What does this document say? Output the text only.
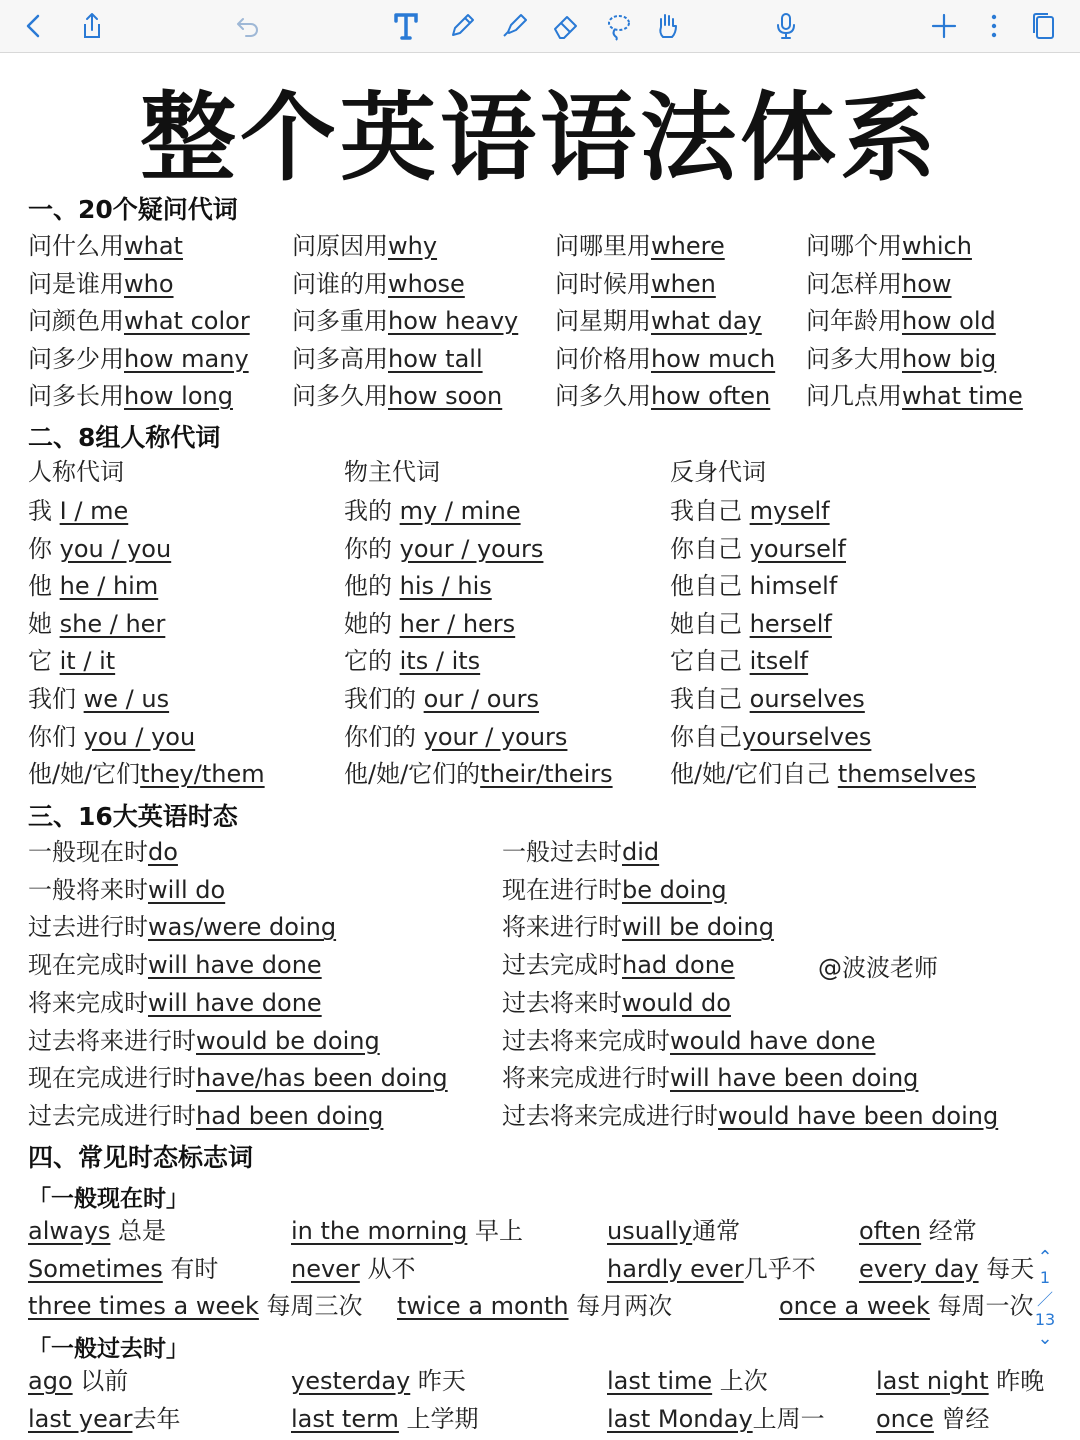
整个英语语法体系
一、20个疑问代词
二、8组人称代词
三、16大英语时态
四、常见时态标志词
人称代词	物主代词	反身代词
@波波老师
「一般现在时」
「一般过去时」
问什么用what	问原因用why	问哪里用where	问哪个用which
问是谁用who	问谁的用whose	问时候用when	问怎样用how
问颜色用what color 问多重用how heavy 问星期用what day 问年龄用how old
问多少用how many 问多高用how tall	问价格用how much 问多大用how big
问多长用how long 问多久用how soon 问多久用how often 问几点用what time
我 I / me	我的 my / mine	我自己 myself
你 you / you	你的 your / yours	你自己 yourself
他 he / him	他的 his / his	他自己 himself
她 she / her	她的 her / hers	她自己 herself
它 it / it	它的 its / its	它自己 itself
我们 we / us	我们的 our / ours	我自己 ourselves
你们 you / you	你们的 your / yours	你自己yourselves
他/她/它们they/them	他/她/它们的their/theirs 他/她/它们自己 themselves
一般现在时do	一般过去时did
一般将来时will do	现在进行时be doing
过去进行时was/were doing	将来进行时will be doing
现在完成时will have done	过去完成时had done
将来完成时will have done	过去将来时would do
过去将来进行时would be doing	过去将来完成时would have done
现在完成进行时have/has been doing 将来完成进行时will have been doing
过去完成进行时had been doing	过去将来完成进行时would have been doing
always 总是	in the morning 早上	usually通常	often 经常
Sometimes 有时	never 从不	hardly ever几乎不 every day 每天
three times a week 每周三次 twice a month 每月两次	once a week 每周一次
ago 以前	yesterday 昨天	last time 上次	last night 昨晚
last year去年	last term 上学期	last Monday上周一 once 曾经
⌃
1
／
13
⌄
